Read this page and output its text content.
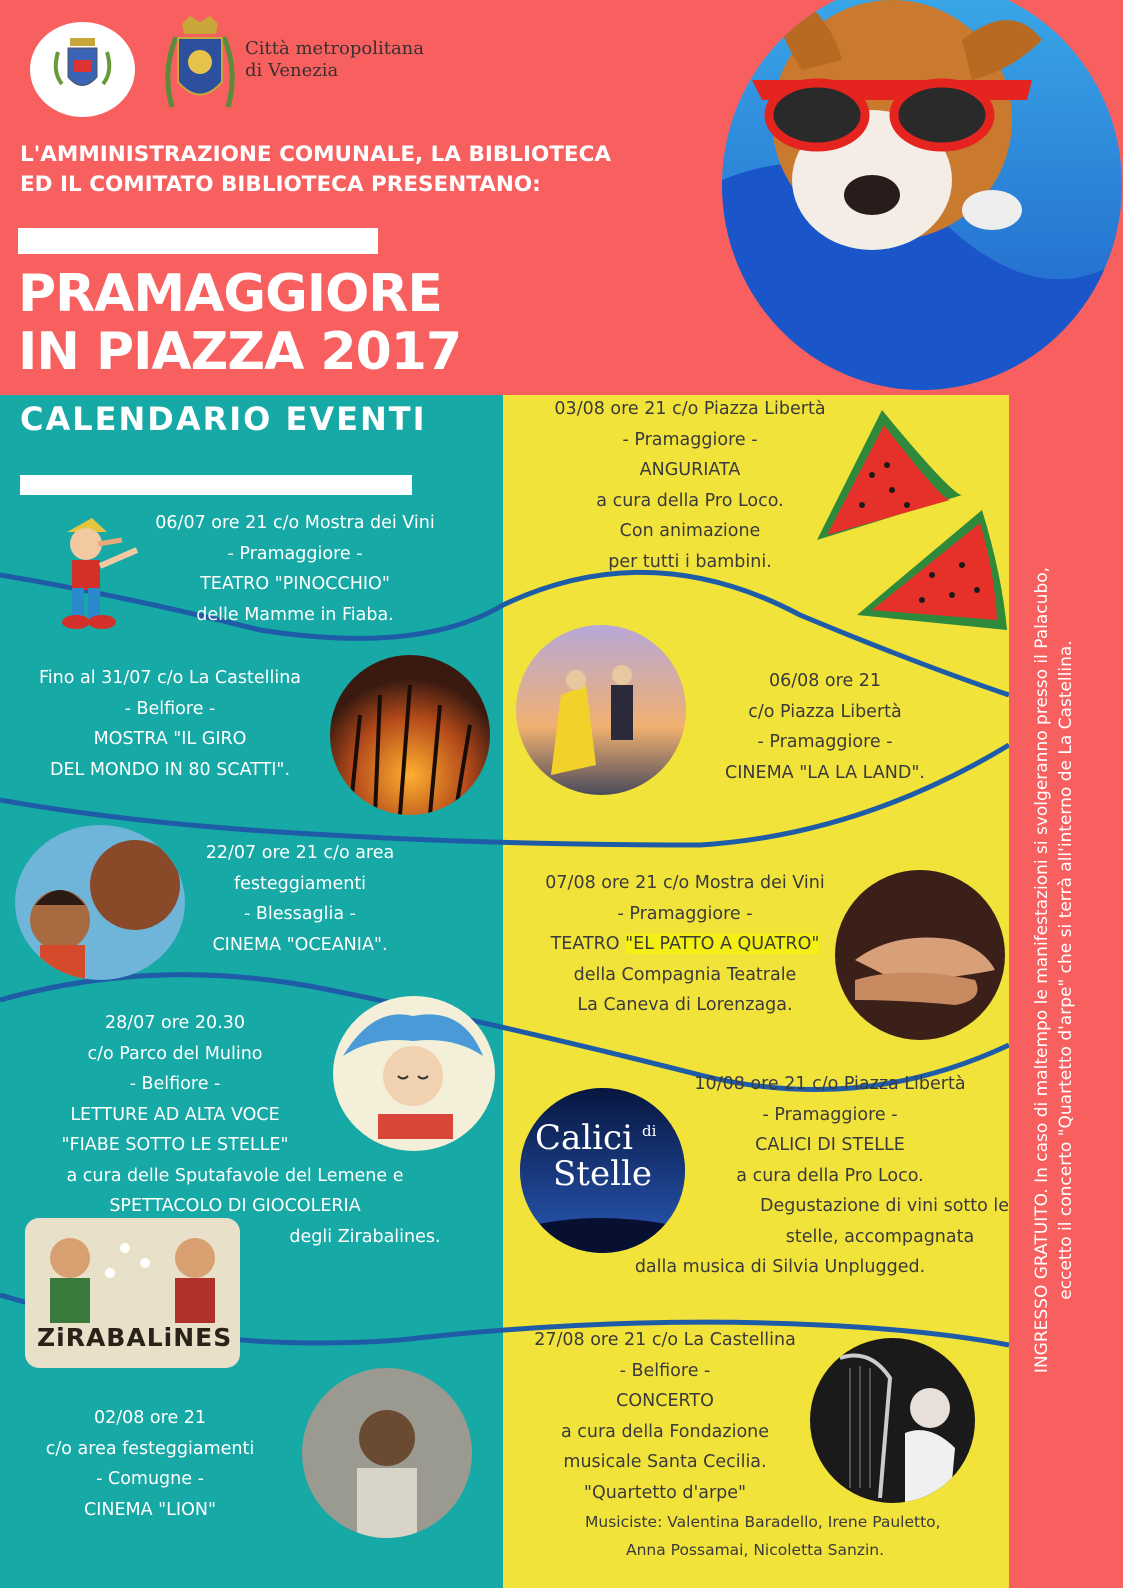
Città metropolitana
di Venezia
L'AMMINISTRAZIONE COMUNALE, LA BIBLIOTECA
ED IL COMITATO BIBLIOTECA PRESENTANO:
PRAMAGGIORE
IN PIAZZA 2017
CALENDARIO EVENTI
06/07 ore 21 c/o Mostra dei Vini
- Pramaggiore -
TEATRO "PINOCCHIO"
delle Mamme in Fiaba.
Fino al 31/07 c/o La Castellina
- Belfiore -
MOSTRA "IL GIRO
DEL MONDO IN 80 SCATTI".
22/07 ore 21 c/o area
festeggiamenti
- Blessaglia -
CINEMA "OCEANIA".
28/07 ore 20.30
c/o Parco del Mulino
- Belfiore -
LETTURE AD ALTA VOCE
"FIABE SOTTO LE STELLE"
a cura delle Sputafavole del Lemene e
SPETTACOLO DI GIOCOLERIA
degli Zirabalines.
ZiRABALiNES
02/08 ore 21
c/o area festeggiamenti
- Comugne -
CINEMA "LION"
03/08 ore 21 c/o Piazza Libertà
- Pramaggiore -
ANGURIATA
a cura della Pro Loco.
Con animazione
per tutti i bambini.
06/08 ore 21
c/o Piazza Libertà
- Pramaggiore -
CINEMA "LA LA LAND".
07/08 ore 21 c/o Mostra dei Vini
- Pramaggiore -
TEATRO "EL PATTO A QUATRO"
della Compagnia Teatrale
La Caneva di Lorenzaga.
Calici di
Stelle
10/08 ore 21 c/o Piazza Libertà
- Pramaggiore -
CALICI DI STELLE
a cura della Pro Loco.
Degustazione di vini sotto le
stelle, accompagnata
dalla musica di Silvia Unplugged.
27/08 ore 21 c/o La Castellina
- Belfiore -
CONCERTO
a cura della Fondazione
musicale Santa Cecilia.
"Quartetto d'arpe"
Musiciste: Valentina Baradello, Irene Pauletto,
Anna Possamai, Nicoletta Sanzin.
INGRESSO GRATUITO. In caso di maltempo le manifestazioni si svolgeranno presso il Palacubo, eccetto il concerto "Quartetto d'arpe" che si terrà all'interno de La Castellina.
